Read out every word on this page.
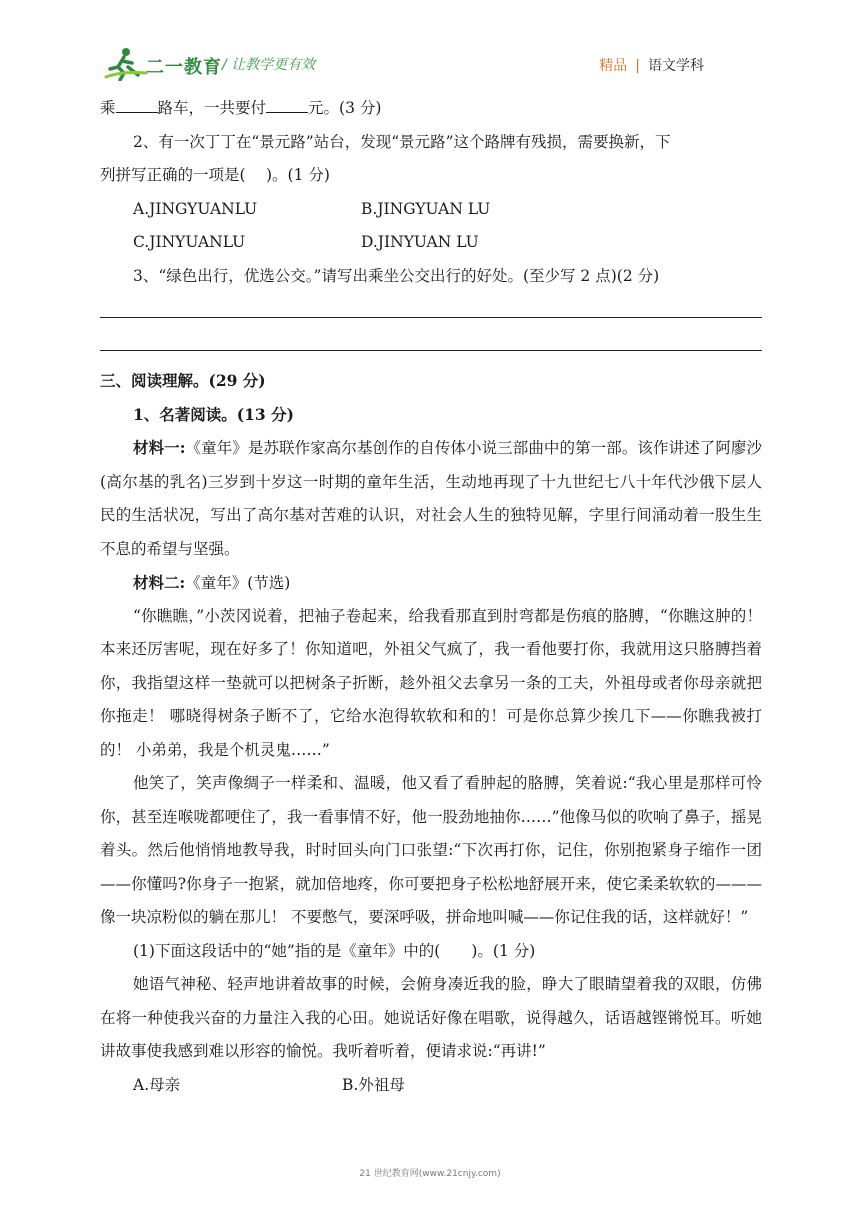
二一教育 / 让教学更有效	精品 | 语文学科
乘	路车，一共要付	元。(3 分)
2、有一次丁丁在“景元路”站台，发现“景元路”这个路牌有残损，需要换新，下
列拼写正确的一项是(　 )。(1 分)
A.JINGYUANLU	B.JINGYUAN LU
C.JINYUANLU	D.JINYUAN LU
3、“绿色出行，优选公交。”请写出乘坐公交出行的好处。(至少写 2 点)(2 分)
三、阅读理解。(29 分)
1、名著阅读。(13 分)
材料一:《童年》是苏联作家高尔基创作的自传体小说三部曲中的第一部。该作讲述了阿廖沙(高尔基的乳名)三岁到十岁这一时期的童年生活，生动地再现了十九世纪七八十年代沙俄下层人民的生活状况，写出了高尔基对苦难的认识，对社会人生的独特见解，字里行间涌动着一股生生不息的希望与坚强。
材料二:《童年》(节选)
“你瞧瞧，”小茨冈说着，把袖子卷起来，给我看那直到肘弯都是伤痕的胳膊，“你瞧这肿的！ 本来还厉害呢，现在好多了！你知道吧，外祖父气疯了，我一看他要打你，我就用这只胳膊挡着你，我指望这样一垫就可以把树条子折断，趁外祖父去拿另一条的工夫，外祖母或者你母亲就把你拖走！ 哪晓得树条子断不了，它给水泡得软软和和的！可是你总算少挨几下——你瞧我被打的！ 小弟弟，我是个机灵鬼……”
他笑了，笑声像绸子一样柔和、温暖，他又看了看肿起的胳膊，笑着说:“我心里是那样可怜你，甚至连喉咙都哽住了，我一看事情不好，他一股劲地抽你……”他像马似的吹响了鼻子，摇晃着头。然后他悄悄地教导我，时时回头向门口张望:“下次再打你，记住，你别抱紧身子缩作一团——你懂吗?你身子一抱紧，就加倍地疼，你可要把身子松松地舒展开来，使它柔柔软软的———像一块凉粉似的躺在那儿！ 不要憋气，要深呼吸，拼命地叫喊——你记住我的话，这样就好！”
(1)下面这段话中的“她”指的是《童年》中的(　　)。(1 分)
她语气神秘、轻声地讲着故事的时候，会俯身凑近我的脸，睁大了眼睛望着我的双眼，仿佛在将一种使我兴奋的力量注入我的心田。她说话好像在唱歌，说得越久，话语越铿锵悦耳。听她讲故事使我感到难以形容的愉悦。我听着听着，便请求说:“再讲!”
A.母亲	B.外祖母
21 世纪教育网(www.21cnjy.com)
